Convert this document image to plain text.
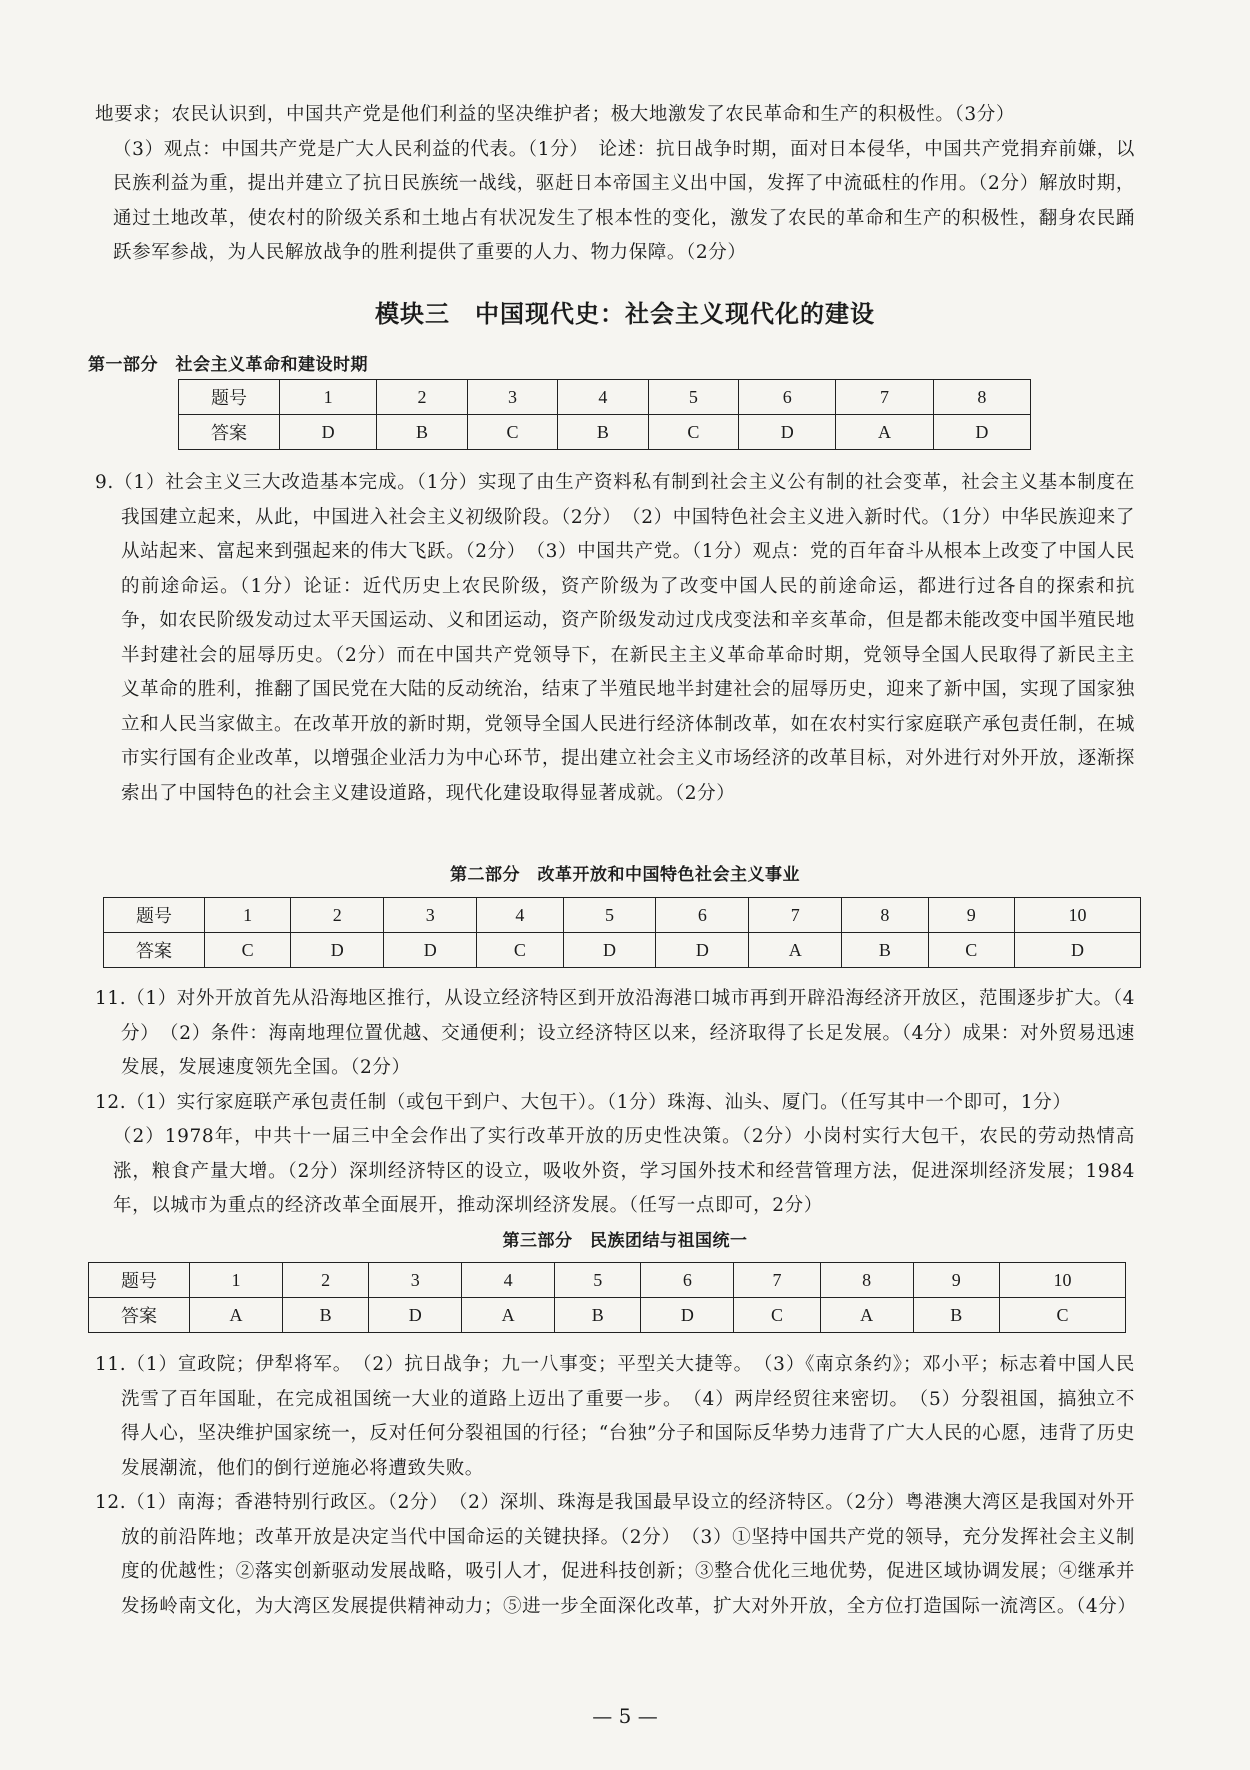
地要求；农民认识到，中国共产党是他们利益的坚决维护者；极大地激发了农民革命和生产的积极性。（3分）

（3）观点：中国共产党是广大人民利益的代表。（1分）　论述：抗日战争时期，面对日本侵华，中国共产党捐弃前嫌，以民族利益为重，提出并建立了抗日民族统一战线，驱赶日本帝国主义出中国，发挥了中流砥柱的作用。（2分）解放时期，通过土地改革，使农村的阶级关系和土地占有状况发生了根本性的变化，激发了农民的革命和生产的积极性，翻身农民踊跃参军参战，为人民解放战争的胜利提供了重要的人力、物力保障。（2分）

模块三　中国现代史：社会主义现代化的建设
第一部分　社会主义革命和建设时期
题号	1	2	3	4	5	6	7	8
答案	D	B	C	B	C	D	A	D

9.（1）社会主义三大改造基本完成。（1分）实现了由生产资料私有制到社会主义公有制的社会变革，社会主义基本制度在我国建立起来，从此，中国进入社会主义初级阶段。（2分）　（2）中国特色社会主义进入新时代。（1分）中华民族迎来了从站起来、富起来到强起来的伟大飞跃。（2分）　（3）中国共产党。（1分）观点：党的百年奋斗从根本上改变了中国人民的前途命运。（1分）论证：近代历史上农民阶级，资产阶级为了改变中国人民的前途命运，都进行过各自的探索和抗争，如农民阶级发动过太平天国运动、义和团运动，资产阶级发动过戊戌变法和辛亥革命，但是都未能改变中国半殖民地半封建社会的屈辱历史。（2分）而在中国共产党领导下，在新民主主义革命革命时期，党领导全国人民取得了新民主主义革命的胜利，推翻了国民党在大陆的反动统治，结束了半殖民地半封建社会的屈辱历史，迎来了新中国，实现了国家独立和人民当家做主。在改革开放的新时期，党领导全国人民进行经济体制改革，如在农村实行家庭联产承包责任制，在城市实行国有企业改革，以增强企业活力为中心环节，提出建立社会主义市场经济的改革目标，对外进行对外开放，逐渐探索出了中国特色的社会主义建设道路，现代化建设取得显著成就。（2分）

第二部分　改革开放和中国特色社会主义事业
题号	1	2	3	4	5	6	7	8	9	10
答案	C	D	D	C	D	D	A	B	C	D

11.（1）对外开放首先从沿海地区推行，从设立经济特区到开放沿海港口城市再到开辟沿海经济开放区，范围逐步扩大。（4分）　（2）条件：海南地理位置优越、交通便利；设立经济特区以来，经济取得了长足发展。（4分）成果：对外贸易迅速发展，发展速度领先全国。（2分）

12.（1）实行家庭联产承包责任制（或包干到户、大包干）。（1分）珠海、汕头、厦门。（任写其中一个即可，1分）

（2）1978年，中共十一届三中全会作出了实行改革开放的历史性决策。（2分）小岗村实行大包干，农民的劳动热情高涨，粮食产量大增。（2分）深圳经济特区的设立，吸收外资，学习国外技术和经营管理方法，促进深圳经济发展；1984年，以城市为重点的经济改革全面展开，推动深圳经济发展。（任写一点即可，2分）

第三部分　民族团结与祖国统一
题号	1	2	3	4	5	6	7	8	9	10
答案	A	B	D	A	B	D	C	A	B	C

11.（1）宣政院；伊犁将军。　（2）抗日战争；九一八事变；平型关大捷等。　（3）《南京条约》；邓小平；标志着中国人民洗雪了百年国耻，在完成祖国统一大业的道路上迈出了重要一步。　（4）两岸经贸往来密切。　（5）分裂祖国，搞独立不得人心，坚决维护国家统一，反对任何分裂祖国的行径；“台独”分子和国际反华势力违背了广大人民的心愿，违背了历史发展潮流，他们的倒行逆施必将遭致失败。

12.（1）南海；香港特别行政区。（2分）　（2）深圳、珠海是我国最早设立的经济特区。（2分）粤港澳大湾区是我国对外开放的前沿阵地；改革开放是决定当代中国命运的关键抉择。（2分）　（3）①坚持中国共产党的领导，充分发挥社会主义制度的优越性；②落实创新驱动发展战略，吸引人才，促进科技创新；③整合优化三地优势，促进区域协调发展；④继承并发扬岭南文化，为大湾区发展提供精神动力；⑤进一步全面深化改革，扩大对外开放，全方位打造国际一流湾区。（4分）

— 5 —
